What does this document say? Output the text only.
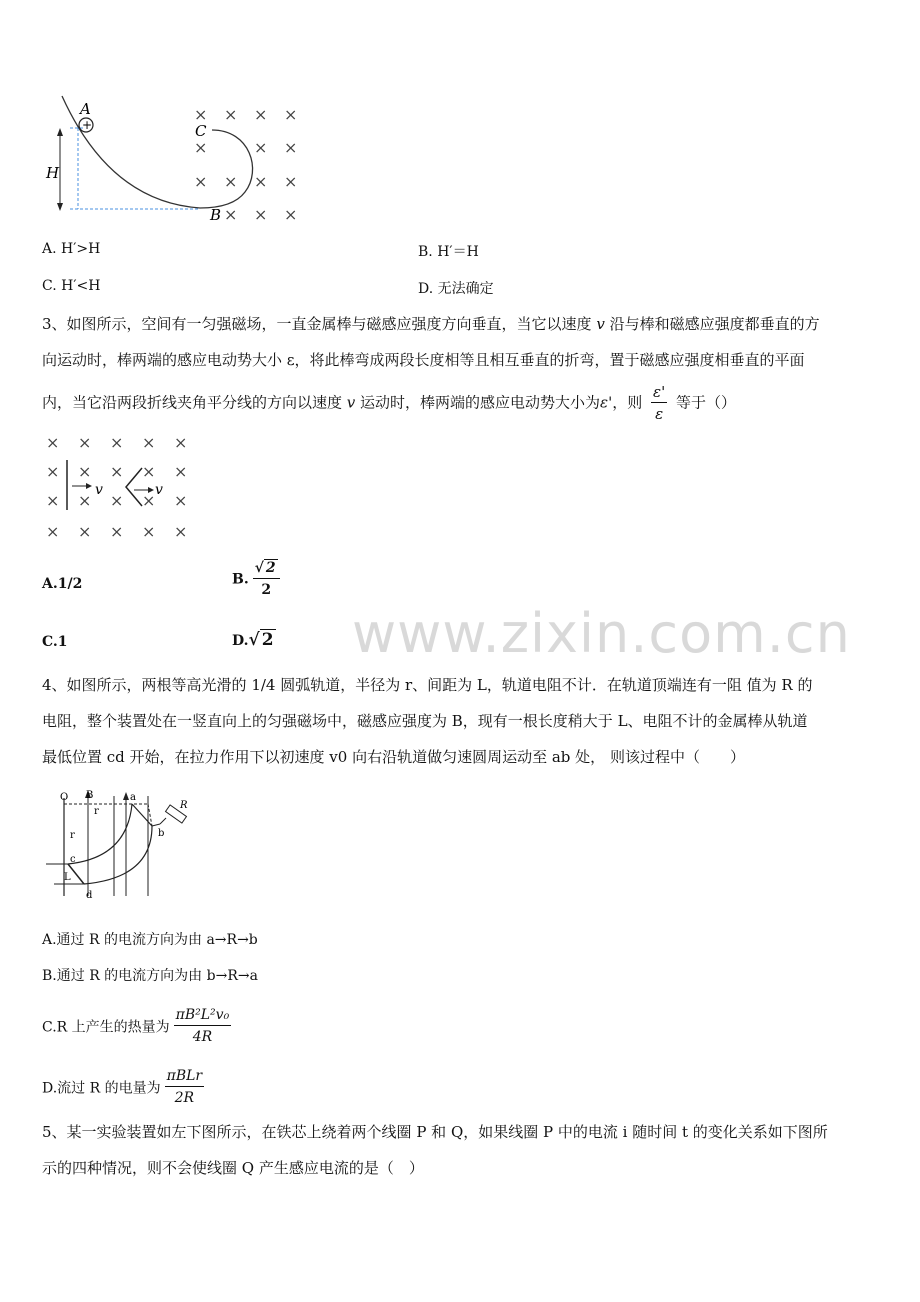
+
A
C
B
H
× × × ×
×	× ×
× × × ×
× × ×
A. H′>H	B. H′＝H
C. H′<H	D. 无法确定
3、如图所示，空间有一匀强磁场，一直金属棒与磁感应强度方向垂直，当它以速度 v 沿与棒和磁感应强度都垂直的方
向运动时，棒两端的感应电动势大小 ε，将此棒弯成两段长度相等且相互垂直的折弯，置于磁感应强度相垂直的平面
内，当它沿两段折线夹角平分线的方向以速度 v 运动时，棒两端的感应电动势大小为ε'，则 $\frac{\varepsilon'}{\varepsilon}$ 等于（）
×
×
×
×
×
×
×
×
×
×
× × × × ×
× × × × ×
v	v
A.1/2	B. $\frac{√ 2}{2}$
C.1	D.√ 2 www.zixin.com.cn
4、如图所示，两根等高光滑的 1/4 圆弧轨道，半径为 r、间距为 L，轨道电阻不计．在轨道顶端连有一阻 值为 R 的
电阻，整个装置处在一竖直向上的匀强磁场中，磁感应强度为 B，现有一根长度稍大于 L、电阻不计的金属棒从轨道
最低位置 cd 开始，在拉力作用下以初速度 v0 向右沿轨道做匀速圆周运动至 ab 处， 则该过程中（　　）
O B
r
a
R
b
r
c
L
d
A.通过 R 的电流方向为由 a→R→b
B.通过 R 的电流方向为由 b→R→a
C.R 上产生的热量为 $\frac{\text{πB²L²v₀}}{4R}$
D.流过 R 的电量为 $\frac{\text{πBLr}}{2R}$
5、某一实验装置如左下图所示，在铁芯上绕着两个线圈 P 和 Q，如果线圈 P 中的电流 i 随时间 t 的变化关系如下图所
示的四种情况，则不会使线圈 Q 产生感应电流的是（　）
